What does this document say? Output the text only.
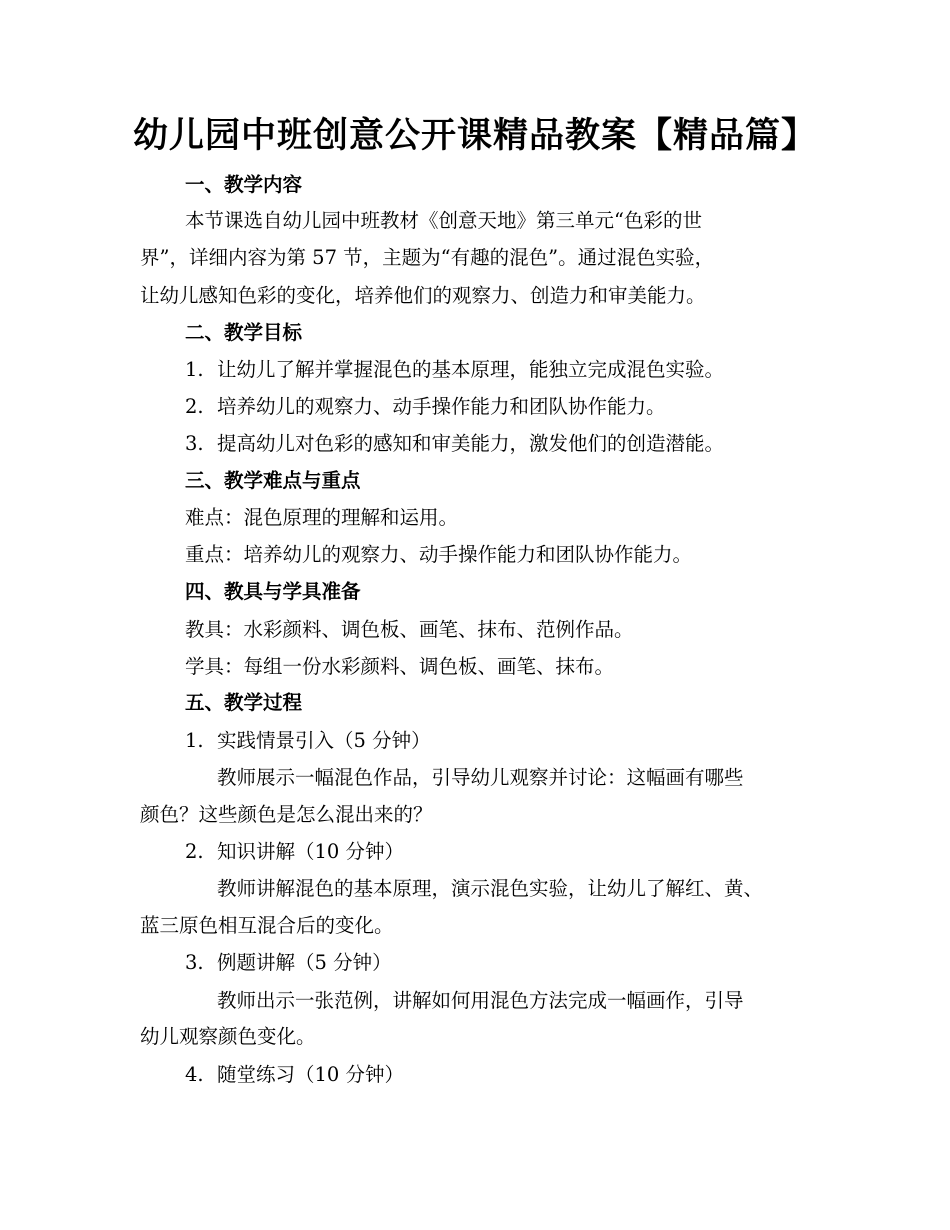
幼儿园中班创意公开课精品教案【精品篇】
一、教学内容
本节课选自幼儿园中班教材《创意天地》第三单元“色彩的世
界”，详细内容为第 57 节，主题为“有趣的混色”。通过混色实验，
让幼儿感知色彩的变化，培养他们的观察力、创造力和审美能力。
二、教学目标
1. 让幼儿了解并掌握混色的基本原理，能独立完成混色实验。
2. 培养幼儿的观察力、动手操作能力和团队协作能力。
3. 提高幼儿对色彩的感知和审美能力，激发他们的创造潜能。
三、教学难点与重点
难点：混色原理的理解和运用。
重点：培养幼儿的观察力、动手操作能力和团队协作能力。
四、教具与学具准备
教具：水彩颜料、调色板、画笔、抹布、范例作品。
学具：每组一份水彩颜料、调色板、画笔、抹布。
五、教学过程
1. 实践情景引入（5 分钟）
教师展示一幅混色作品，引导幼儿观察并讨论：这幅画有哪些
颜色？这些颜色是怎么混出来的？
2. 知识讲解（10 分钟）
教师讲解混色的基本原理，演示混色实验，让幼儿了解红、黄、
蓝三原色相互混合后的变化。
3. 例题讲解（5 分钟）
教师出示一张范例，讲解如何用混色方法完成一幅画作，引导
幼儿观察颜色变化。
4. 随堂练习（10 分钟）
